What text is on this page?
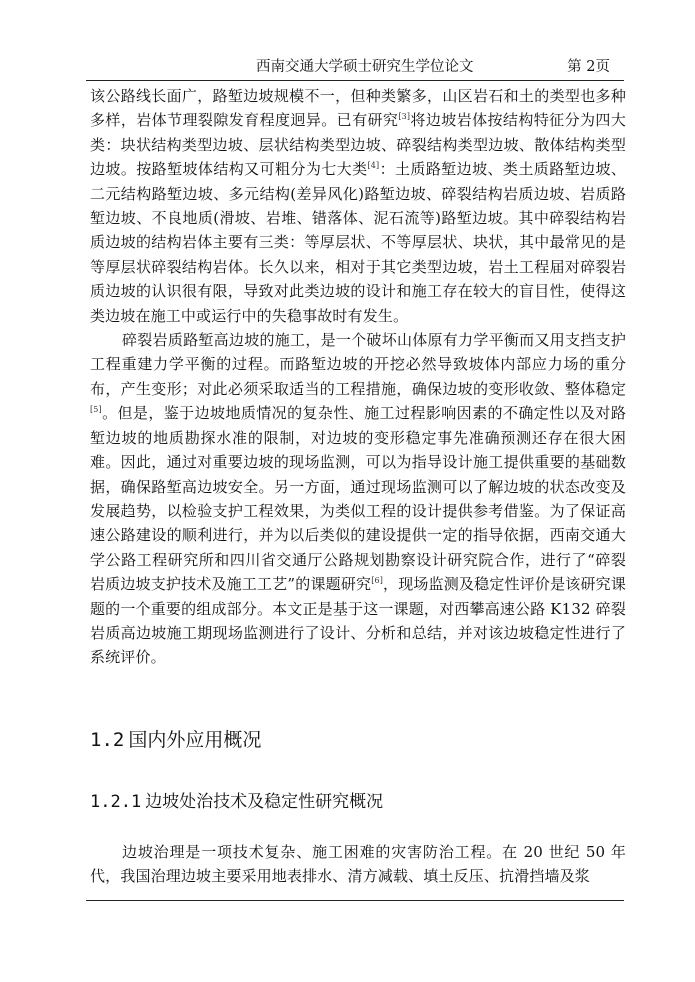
西南交通大学硕士研究生学位论文	第 2页

该公路线长面广，路堑边坡规模不一，但种类繁多，山区岩石和土的类型也多种多样，岩体节理裂隙发育程度迥异。已有研究[3]将边坡岩体按结构特征分为四大类：块状结构类型边坡、层状结构类型边坡、碎裂结构类型边坡、散体结构类型边坡。按路堑坡体结构又可粗分为七大类[4]：土质路堑边坡、类土质路堑边坡、二元结构路堑边坡、多元结构(差异风化)路堑边坡、碎裂结构岩质边坡、岩质路堑边坡、不良地质(滑坡、岩堆、错落体、泥石流等)路堑边坡。其中碎裂结构岩质边坡的结构岩体主要有三类：等厚层状、不等厚层状、块状，其中最常见的是等厚层状碎裂结构岩体。长久以来，相对于其它类型边坡，岩土工程届对碎裂岩质边坡的认识很有限，导致对此类边坡的设计和施工存在较大的盲目性，使得这类边坡在施工中或运行中的失稳事故时有发生。

碎裂岩质路堑高边坡的施工，是一个破坏山体原有力学平衡而又用支挡支护工程重建力学平衡的过程。而路堑边坡的开挖必然导致坡体内部应力场的重分布，产生变形；对此必须采取适当的工程措施，确保边坡的变形收敛、整体稳定[5]。但是，鉴于边坡地质情况的复杂性、施工过程影响因素的不确定性以及对路堑边坡的地质勘探水准的限制，对边坡的变形稳定事先准确预测还存在很大困难。因此，通过对重要边坡的现场监测，可以为指导设计施工提供重要的基础数据，确保路堑高边坡安全。另一方面，通过现场监测可以了解边坡的状态改变及发展趋势，以检验支护工程效果，为类似工程的设计提供参考借鉴。为了保证高速公路建设的顺利进行，并为以后类似的建设提供一定的指导依据，西南交通大学公路工程研究所和四川省交通厅公路规划勘察设计研究院合作，进行了“碎裂岩质边坡支护技术及施工工艺”的课题研究[6]，现场监测及稳定性评价是该研究课题的一个重要的组成部分。本文正是基于这一课题，对西攀高速公路 K132 碎裂岩质高边坡施工期现场监测进行了设计、分析和总结，并对该边坡稳定性进行了系统评价。

1.2 国内外应用概况
1.2.1 边坡处治技术及稳定性研究概况

边坡治理是一项技术复杂、施工困难的灾害防治工程。在 20 世纪 50 年代，我国治理边坡主要采用地表排水、清方减载、填土反压、抗滑挡墙及浆
